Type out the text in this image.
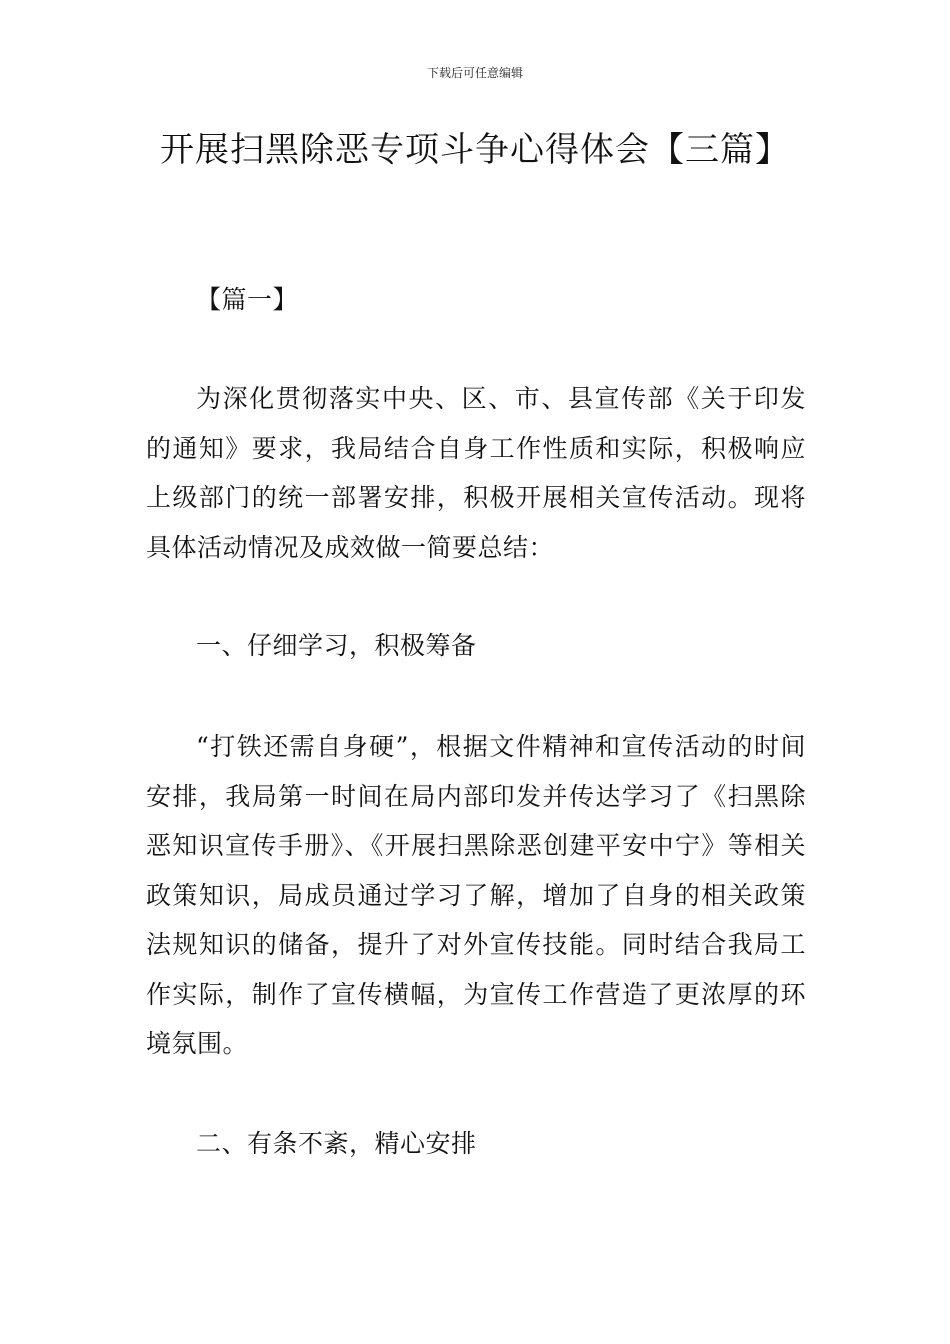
下载后可任意编辑
开展扫黑除恶专项斗争心得体会【三篇】
【篇一】
为深化贯彻落实中央、区、市、县宣传部《关于印发的通知》要求，我局结合自身工作性质和实际，积极响应上级部门的统一部署安排，积极开展相关宣传活动。现将具体活动情况及成效做一简要总结：
一、仔细学习，积极筹备
“打铁还需自身硬”，根据文件精神和宣传活动的时间安排，我局第一时间在局内部印发并传达学习了《扫黑除恶知识宣传手册》、《开展扫黑除恶创建平安中宁》等相关政策知识，局成员通过学习了解，增加了自身的相关政策法规知识的储备，提升了对外宣传技能。同时结合我局工作实际，制作了宣传横幅，为宣传工作营造了更浓厚的环境氛围。
二、有条不紊，精心安排
